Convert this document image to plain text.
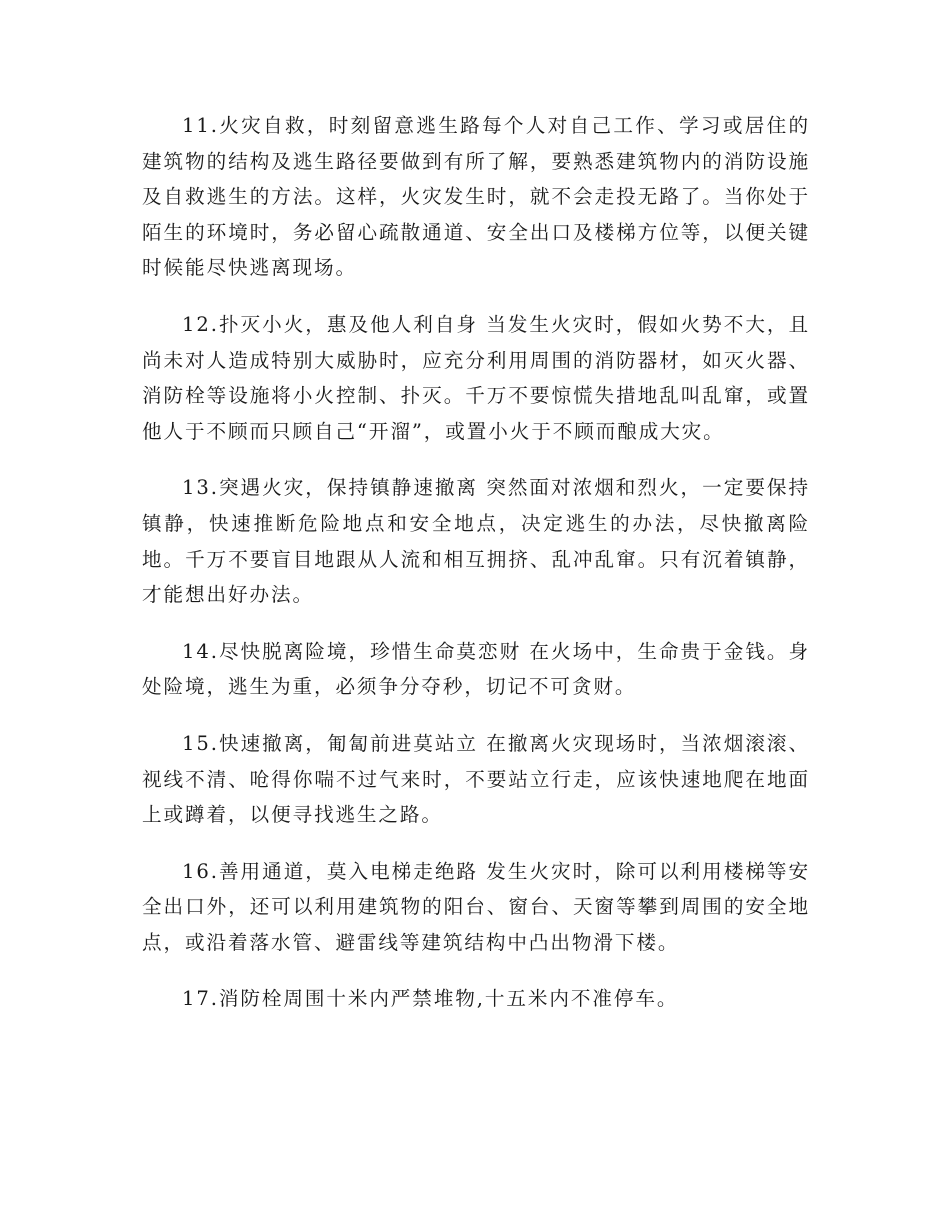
11.火灾自救，时刻留意逃生路每个人对自己工作、学习或居住的建筑物的结构及逃生路径要做到有所了解，要熟悉建筑物内的消防设施及自救逃生的方法。这样，火灾发生时，就不会走投无路了。当你处于陌生的环境时，务必留心疏散通道、安全出口及楼梯方位等，以便关键时候能尽快逃离现场。

12.扑灭小火，惠及他人利自身 当发生火灾时，假如火势不大，且尚未对人造成特别大威胁时，应充分利用周围的消防器材，如灭火器、消防栓等设施将小火控制、扑灭。千万不要惊慌失措地乱叫乱窜，或置他人于不顾而只顾自己“开溜”，或置小火于不顾而酿成大灾。

13.突遇火灾，保持镇静速撤离 突然面对浓烟和烈火，一定要保持镇静，快速推断危险地点和安全地点，决定逃生的办法，尽快撤离险地。千万不要盲目地跟从人流和相互拥挤、乱冲乱窜。只有沉着镇静，才能想出好办法。

14.尽快脱离险境，珍惜生命莫恋财 在火场中，生命贵于金钱。身处险境，逃生为重，必须争分夺秒，切记不可贪财。

15.快速撤离，匍匐前进莫站立 在撤离火灾现场时，当浓烟滚滚、视线不清、呛得你喘不过气来时，不要站立行走，应该快速地爬在地面上或蹲着，以便寻找逃生之路。

16.善用通道，莫入电梯走绝路 发生火灾时，除可以利用楼梯等安全出口外，还可以利用建筑物的阳台、窗台、天窗等攀到周围的安全地点，或沿着落水管、避雷线等建筑结构中凸出物滑下楼。

17.消防栓周围十米内严禁堆物,十五米内不准停车。
